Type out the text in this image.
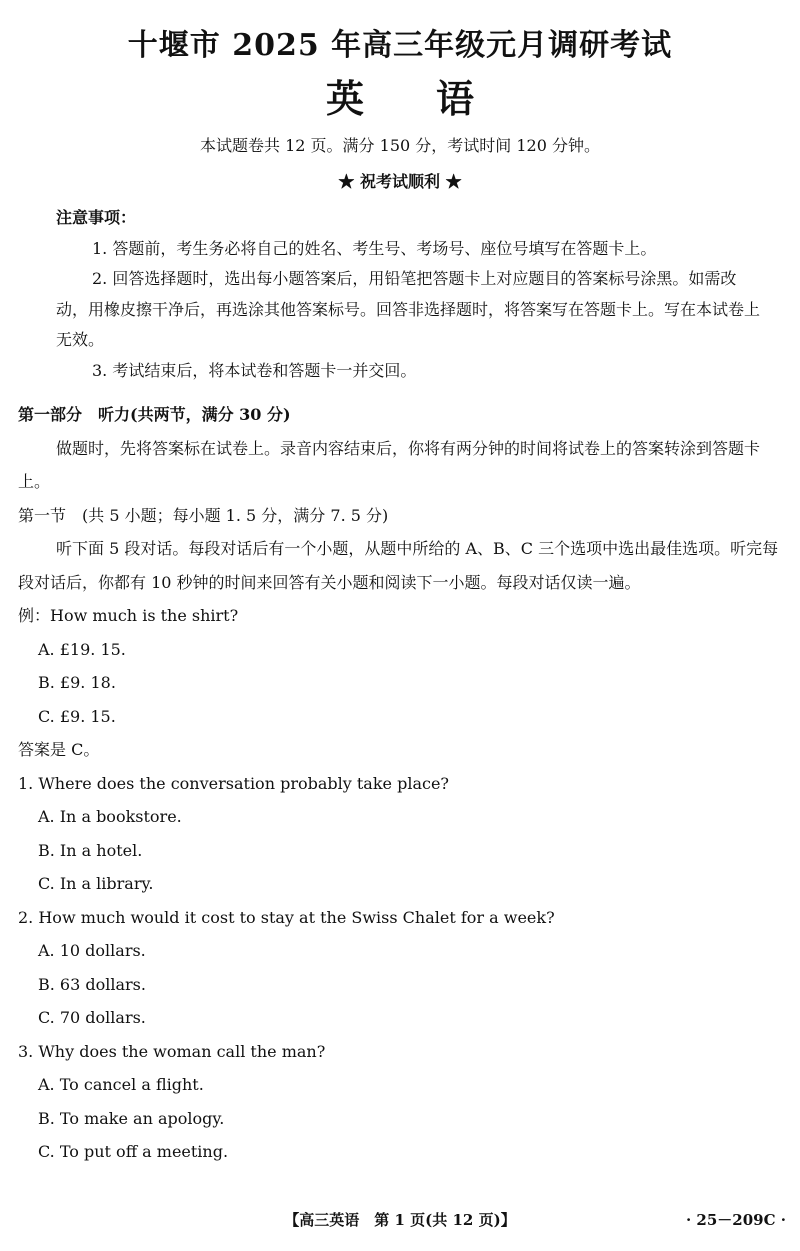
十堰市 2025 年高三年级元月调研考试
英 语
本试题卷共 12 页。满分 150 分，考试时间 120 分钟。
★ 祝考试顺利 ★

注意事项：

1. 答题前，考生务必将自己的姓名、考生号、考场号、座位号填写在答题卡上。

2. 回答选择题时，选出每小题答案后，用铅笔把答题卡上对应题目的答案标号涂黑。如需改动，用橡皮擦干净后，再选涂其他答案标号。回答非选择题时，将答案写在答题卡上。写在本试卷上无效。

3. 考试结束后，将本试卷和答题卡一并交回。

第一部分　听力(共两节，满分 30 分)

做题时，先将答案标在试卷上。录音内容结束后，你将有两分钟的时间将试卷上的答案转涂到答题卡上。

第一节　(共 5 小题；每小题 1. 5 分，满分 7. 5 分)

听下面 5 段对话。每段对话后有一个小题，从题中所给的 A、B、C 三个选项中选出最佳选项。听完每段对话后，你都有 10 秒钟的时间来回答有关小题和阅读下一小题。每段对话仅读一遍。

例：How much is the shirt?

A. £19. 15.

B. £9. 18.

C. £9. 15.

答案是 C。

1. Where does the conversation probably take place?

A. In a bookstore.

B. In a hotel.

C. In a library.

2. How much would it cost to stay at the Swiss Chalet for a week?

A. 10 dollars.

B. 63 dollars.

C. 70 dollars.

3. Why does the woman call the man?

A. To cancel a flight.

B. To make an apology.

C. To put off a meeting.

【高三英语　第 1 页(共 12 页)】	· 25－209C ·
